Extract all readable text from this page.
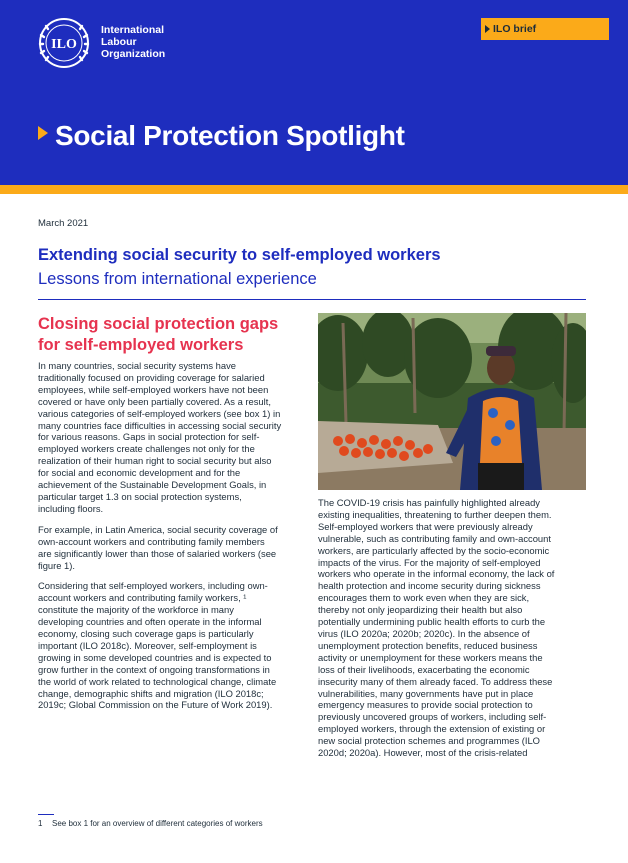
ILO
International
Labour
Organization
ILO brief
Social Protection Spotlight
March 2021
Extending social security to self-employed workers
Lessons from international experience
Closing social protection gaps
for self-employed workers

In many countries, social security systems have
traditionally focused on providing coverage for salaried
employees, while self-employed workers have not been
covered or have only been partially covered. As a result,
various categories of self-employed workers (see box 1) in
many countries face difficulties in accessing social security
for various reasons. Gaps in social protection for self-
employed workers create challenges not only for the
realization of their human right to social security but also
for social and economic development and for the
achievement of the Sustainable Development Goals, in
particular target 1.3 on social protection systems,
including floors.

For example, in Latin America, social security coverage of
own-account workers and contributing family members
are significantly lower than those of salaried workers (see
figure 1).

Considering that self-employed workers, including own-
account workers and contributing family workers, ¹
constitute the majority of the workforce in many
developing countries and often operate in the informal
economy, closing such coverage gaps is particularly
important (ILO 2018c). Moreover, self-employment is
growing in some developed countries and is expected to
grow further in the context of ongoing transformations in
the world of work related to technological change, climate
change, demographic shifts and migration (ILO 2018c;
2019c; Global Commission on the Future of Work 2019).

The COVID-19 crisis has painfully highlighted already
existing inequalities, threatening to further deepen them.
Self-employed workers that were previously already
vulnerable, such as contributing family and own-account
workers, are particularly affected by the socio-economic
impacts of the virus. For the majority of self-employed
workers who operate in the informal economy, the lack of
health protection and income security during sickness
encourages them to work even when they are sick,
thereby not only jeopardizing their health but also
potentially undermining public health efforts to curb the
virus (ILO 2020a; 2020b; 2020c). In the absence of
unemployment protection benefits, reduced business
activity or unemployment for these workers means the
loss of their livelihoods, exacerbating the economic
insecurity many of them already faced. To address these
vulnerabilities, many governments have put in place
emergency measures to provide social protection to
previously uncovered groups of workers, including self-
employed workers, through the extension of existing or
new social protection schemes and programmes (ILO
2020d; 2020a). However, most of the crisis-related

1 See box 1 for an overview of different categories of workers
